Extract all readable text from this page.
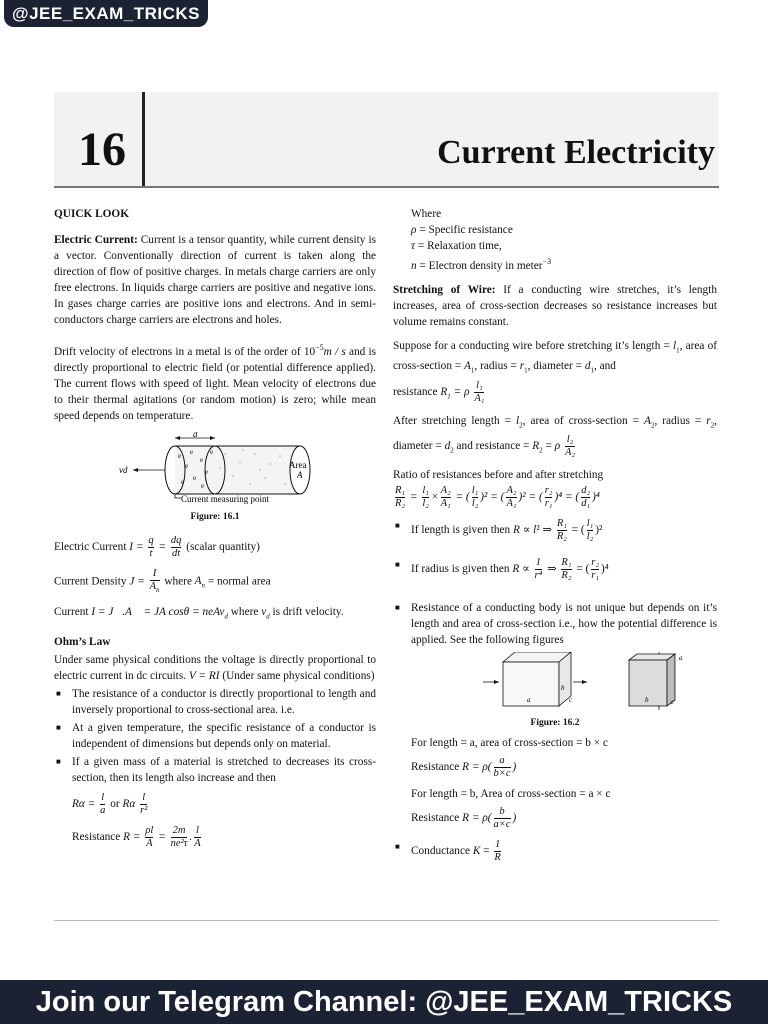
@JEE_EXAM_TRICKS
16	Current Electricity

QUICK LOOK

Electric Current: Current is a tensor quantity, while current density is a vector. Conventionally direction of current is taken along the direction of flow of positive charges. In metals charge carriers are only free electrons. In liquids charge carriers are positive and negative ions. In gases charge carries are positive ions and electrons. And in semi-conductors charge carriers are electrons and holes.

Drift velocity of electrons in a metal is of the order of $10^{-5}m$ / s and is directly proportional to electric field (or potential difference applied). The current flows with speed of light. Mean velocity of electrons due to their thermal agitations (or random motion) is zero; while mean speed depends on temperature.

d
e e
e
e
e
e
e e
e
vd	Area
A
Current measuring point
Figure: 16.1
Electric Current $I = \frac{q}{t} = \frac{dq}{dt}$ (scalar quantity)
Current Density $J = \frac{I}{A_n}$ where $A_n$ = normal area
Current I = J⃗.A⃗ = JA cosθ = neAv$_d$ where $v_d$ is drift velocity.

Ohm’s Law

Under same physical conditions the voltage is directly proportional to electric current in dc circuits. V = RI (Under same physical conditions)

■ The resistance of a conductor is directly proportional to length and inversely proportional to cross-sectional area. i.e.
■ At a given temperature, the specific resistance of a conductor is independent of dimensions but depends only on material.
■ If a given mass of a material is stretched to decreases its cross-section, then its length also increase and then
$R\alpha = \frac{l}{a}$ or Rα $\frac{l}{\text{r²}}$
Resistance $R = \frac{\rho l}{A} = \frac{2m}{\text{ne²τ}}$ . $\frac{l}{A}$
Where
ρ = Specific resistance
τ = Relaxation time,
n = Electron density in meter$^{-3}$

Stretching of Wire: If a conducting wire stretches, it’s length increases, area of cross-section decreases so resistance increases but volume remains constant.

Suppose for a conducting wire before stretching it’s length = $l_1$, area of cross-section = $A_1$, radius = $r_1$, diameter = $d_1$, and

resistance $R_1 = \rho \frac{\text{l₁}}{\text{A₁}}$

After stretching length = $l_2$, area of cross-section = $A_2$, radius = $r_2$, diameter = $d_2$ and resistance = $R_2 = \rho \frac{\text{l₂}}{\text{A₂}}$

Ratio of resistances before and after stretching

$\frac{\text{R₁}}{\text{R₂}} = \frac{\text{l₁}}{\text{l₂}} \times \frac{\text{A₂}}{\text{A₁}}$ = ( $\frac{\text{l₁}}{\text{l₂}} )^2$ = ( $\frac{\text{A₂}}{\text{A₁}} )^2$ = ( $\frac{\text{r₂}}{\text{r₁}} )^4$ = ( $\frac{\text{d₂}}{\text{d₁}} )^4$
■ If length is given then R ∝ l² ⇒ $\frac{\text{R₁}}{\text{R₂}}$ = ( $\frac{\text{l₁}}{\text{l₂}} )^2$
■ If radius is given then $R \propto \frac{1}{\text{r⁴}}$ ⇒ $\frac{\text{R₁}}{\text{R₂}}$ = ( $\frac{\text{r₂}}{\text{r₁}} )^4$
■ Resistance of a conducting body is not unique but depends on it’s length and area of cross-section i.e., how the potential difference is applied. See the following figures
a
b
c

a
b	c
Figure: 16.2
For length = a, area of cross-section = b × c
Resistance $R = \rho( \frac{a}{b\times c}$ )
For length = b, Area of cross-section = a × c
Resistance $R = \rho( \frac{b}{a\times c}$ )
■ Conductance $K = \frac{1}{R}$
Join our Telegram Channel: @JEE_EXAM_TRICKS
